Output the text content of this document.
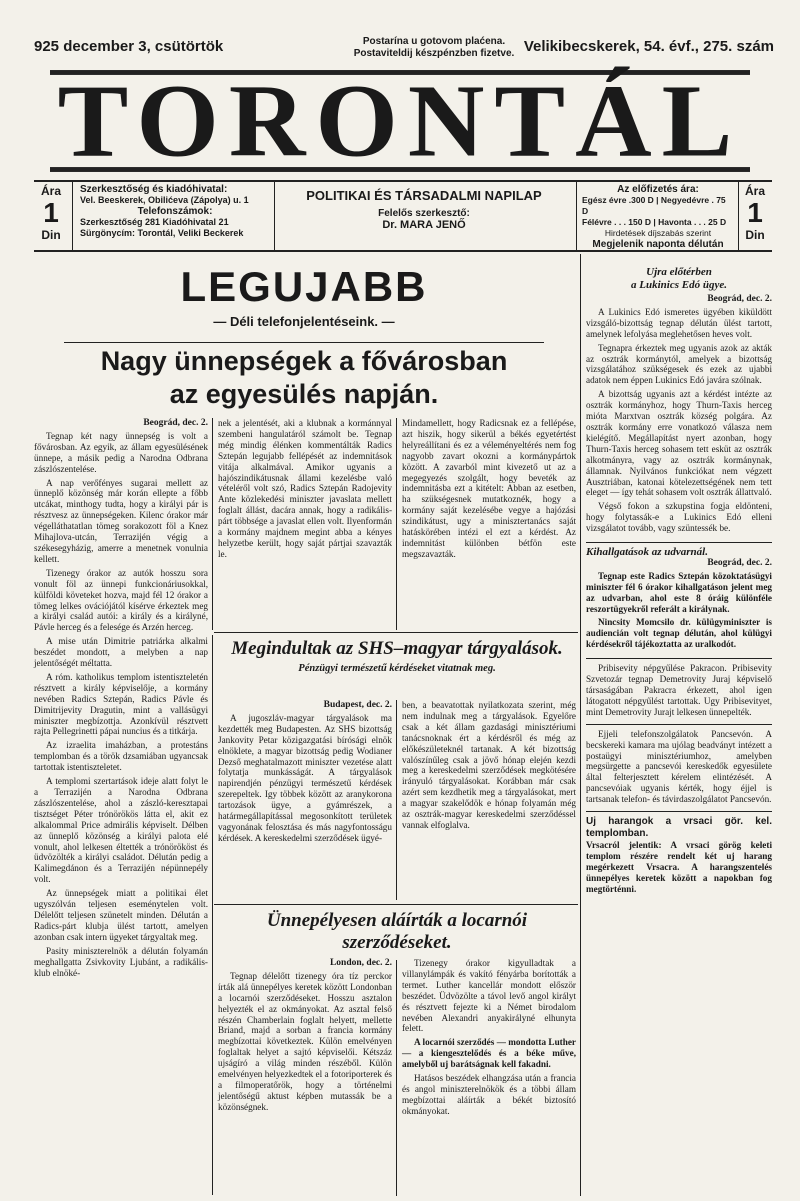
925 december 3, csütörtök	Postarína u gotovom plaćena.
Postaviteldij készpénzben fizetve. Velikibecskerek, 54. évf., 275. szám
TORONTÁL
Ára
1
Din
Szerkesztőség és kiadóhivatal:
Vel. Beeskerek, Obilićeva (Zápolya) u. 1
Telefonszámok:
Szerkesztőség 281 Kiadóhivatal 21
Sürgönycím: Torontál, Veliki Beckerek
POLITIKAI ÉS TÁRSADALMI NAPILAP
Felelős szerkesztő:
Dr. MARA JENŐ
Az előfizetés ára:
Egész évre .300 D | Negyedévre . 75 D
Félévre . . . 150 D | Havonta . . . 25 D
Hirdetések díjszabás szerint
Megjelenik naponta délután
Ára
1
Din
LEGUJABB
— Déli telefonjelentéseink. —
Nagy ünnepségek a fővárosban
az egyesülés napján.
Beográd, dec. 2.

Tegnap két nagy ünnepség is volt a fővárosban. Az egyik, az állam egyesülésének ünnepe, a másik pedig a Narodna Odbrana zászlószentelése.

A nap verőfényes sugarai mellett az ünneplő közönség már korán ellepte a főbb utcákat, minthogy tudta, hogy a királyi pár is résztvesz az ünnepségeken. Kilenc órakor már végelláthatatlan tömeg sorakozott föl a Knez Mihajlova-utcán, Terrazijén végig a székesegyházig, amerre a menetnek vonulnia kellett.

Tizenegy órakor az autók hosszu sora vonult föl az ünnepi funkcionáriusokkal, külföldi követeket hozva, majd fél 12 órakor a tömeg lelkes ovációjától kísérve érkeztek meg a királyi család autói: a király és a királyné, Pávle herceg és a felesége és Arzén herceg.

A mise után Dimitrie patriárka alkalmi beszédet mondott, a melyben a nap jelentőségét méltatta.

A róm. katholikus templom istentiszteletén résztvett a király képviselője, a kormány nevében Radics Sztepán, Radics Pávle és Dimitrijevity Dragutin, mint a vallásügyi miniszter megbízottja. Azonkívül résztvett rajta Pellegrinetti pápai nuncius és a titkárja.

Az izraelita imaházban, a protestáns templomban és a török dzsamiában ugyancsak tartottak istentiszteletet.

A templomi szertartások ideje alatt folyt le a Terrazijén a Narodna Odbrana zászlószentelése, ahol a zászló-keresztapai tisztséget Péter trónörökös látta el, akit ez alkalommal Price admirális képviselt. Délben az ünneplő közönség a királyi palota elé vonult, ahol lelkesen éltették a trónörököst és üdvözölték a királyi családot. Délután pedig a Kalimegdánon és a Terrazijén népünnepély volt.

Az ünnepségek miatt a politikai élet ugyszólván teljesen eseménytelen volt. Délelőtt teljesen szünetelt minden. Délután a Radics-párt klubja ülést tartott, amelyen azonban csak intern ügyeket tárgyaltak meg.

Pasity miniszterelnök a délután folyamán meghallgatta Zsivkovity Ljubánt, a radikális-klub elnöké-

nek a jelentését, aki a klubnak a kormánnyal szembeni hangulatáról számolt be. Tegnap még mindig élénken kommentálták Radics Sztepán legujabb fellépését az indemnitások vitája alkalmával. Amikor ugyanis a hajószindikátusnak állami kezelésbe való vételéről volt szó, Radics Sztepán Radojevity Ante közlekedési miniszter javaslata mellett foglalt állást, dacára annak, hogy a radikális-párt többsége a javaslat ellen volt. Ilyenformán a kormány majdnem megint abba a kényes helyzetbe került, hogy saját pártjai szavazták le.

Mindamellett, hogy Radicsnak ez a fellépése, azt hiszik, hogy sikerül a békés egyetértést helyreállítani és ez a véleményeltérés nem fog nagyobb zavart okozni a kormánypártok között. A zavarból mint kivezető ut az a megegyezés szolgált, hogy beveték az indemnitásba ezt a kitételt: Abban az esetben, ha szükségesnek mutatkoznék, hogy a kormány saját kezelésébe vegye a hajózási szindikátust, ugy a minisztertanács saját hatáskörében intézi el ezt a kérdést. Az indemnitást különben bétfön este megszavazták.

Megindultak az SHS–magyar tárgyalások.
Pénzügyi természetű kérdéseket vitatnak meg.
Budapest, dec. 2.

A jugoszláv-magyar tárgyalások ma kezdették meg Budapesten. Az SHS bizottság Jankovity Petar közigazgatási bírósági elnök elnöklete, a magyar bizottság pedig Wodianer Dezső meghatalmazott miniszter vezetése alatt folytatja munkásságát. A tárgyalások napirendjén pénzügyi természetű kérdések szerepeltek. Igy többek között az aranykorona tartozások ügye, a gyámrészek, a határmegállapítással megosonkított területek vagyonának felosztása és más nagyfontosságu kérdések. A kereskedelmi szerződések ügyé-

ben, a beavatottak nyilatkozata szerint, még nem indulnak meg a tárgyalások. Egyelőre csak a két állam gazdasági minisztériumi tanácsnoknak ért a kérdésről és még az előkészületeknél tartanak. A két bizottság valószínűleg csak a jövő hónap elején kezdi meg a kereskedelmi szerződések megkötésére irányuló tárgyalásokat. Korábban már csak azért sem kezdhetik meg a tárgyalásokat, mert a magyar szakelődök e hónap folyamán még az osztrák-magyar kereskedelmi szerződéssel vannak elfoglalva.

Ünnepélyesen aláírták a locarnói szerződéseket.
London, dec. 2.

Tegnap délelőtt tizenegy óra tíz perckor írták alá ünnepélyes keretek között Londonban a locarnói szerződéseket. Hosszu asztalon helyezték el az okmányokat. Az asztal felső részén Chamberlain foglalt helyett, mellette Briand, majd a sorban a francia kormány megbízottai következtek. Külön emelvényen foglaltak helyet a sajtó képviselői. Kétszáz ujságíró a világ minden részéből. Külön emelvényen helyezkedtek el a fotoriporterek és a filmoperatőrök, hogy a történelmi jelentőségű aktust képben mutassák be a közönségnek.

Tizenegy órakor kigyulladtak a villanylámpák és vakító fényárba borították a termet. Luther kancellár mondott először beszédet. Üdvözölte a távol levő angol királyt és résztvett fejezte ki a Német birodalom nevében Alexandri anyakirályné elhunyta felett.

A locarnói szerződés — mondotta Luther — a kiengesztelődés és a béke műve, amelyből uj barátságnak kell fakadni.

Hatásos beszédek elhangzása után a francia és angol miniszterelnökök és a többi állam megbízottai aláírták a békét biztosító okmányokat.

Ujra előtérben
a Lukinics Edó ügye.
Beográd, dec. 2.

A Lukinics Edó ismeretes ügyében kiküldött vizsgáló-bizottság tegnap délután ülést tartott, amelynek lefolyása meglehetősen heves volt.

Tegnapra érkeztek meg ugyanis azok az akták az osztrák kormánytól, amelyek a bizottság vizsgálatához szükségesek és ezek az ujabbi adatok nem éppen Lukinics Edó javára szólnak.

A bizottság ugyanis azt a kérdést intézte az osztrák kormányhoz, hogy Thurn-Taxis herceg mióta Marxtvan osztrák község polgára. Az osztrák kormány erre vonatkozó válasza nem kielégítő. Megállapítást nyert azonban, hogy Thurn-Taxis herceg sohasem tett esküt az osztrák alkotmányra, vagy az osztrák kormánynak, államnak. Nyilvános funkciókat nem végzett Ausztriában, katonai kötelezettségének nem tett eleget — így tehát sohasem volt osztrák állattvaló.

Végső fokon a szkupstina fogja eldönteni, hogy folytassák-e a Lukinics Edó elleni vizsgálatot tovább, vagy szüntessék be.

Kihallgatások az udvarnál.
Beográd, dec. 2.

Tegnap este Radics Sztepán közoktatásügyi miniszter fél 6 órakor kihallgatáson jelent meg az udvarban, ahol este 8 óráig különféle reszortügyekről referált a királynak.

Nincsity Momcsilo dr. külügyminiszter is audiencián volt tegnap délután, ahol külügyi kérdésekről tájékoztatta az uralkodót.

Pribisevity népgyűlése Pakracon. Pribisevity Szvetozár tegnap Demetrovity Juraj képviselő társaságában Pakracra érkezett, ahol igen látogatott népgyűlést tartottak. Ugy Pribisevityet, mint Demetrovity Jurajt lelkesen ünnepelték.

Ejjeli telefonszolgálatok Pancsevón. A becskereki kamara ma ujólag beadványt intézett a postaügyi minisztériumhoz, amelyben megsürgette a pancsevói kereskedők egyesülete által felterjesztett kérelem elintézését. A pancsevóiak ugyanis kérték, hogy éjjel is tartsanak telefon- és távirdaszolgálatot Pancsevón.

Uj harangok a vrsaci gör. kel. templomban.

Vrsacról jelentik: A vrsaci görög keleti templom részére rendelt két uj harang megérkezett Vrsacra. A harangszentelés ünnepélyes keretek között a napokban fog megtörténni.
